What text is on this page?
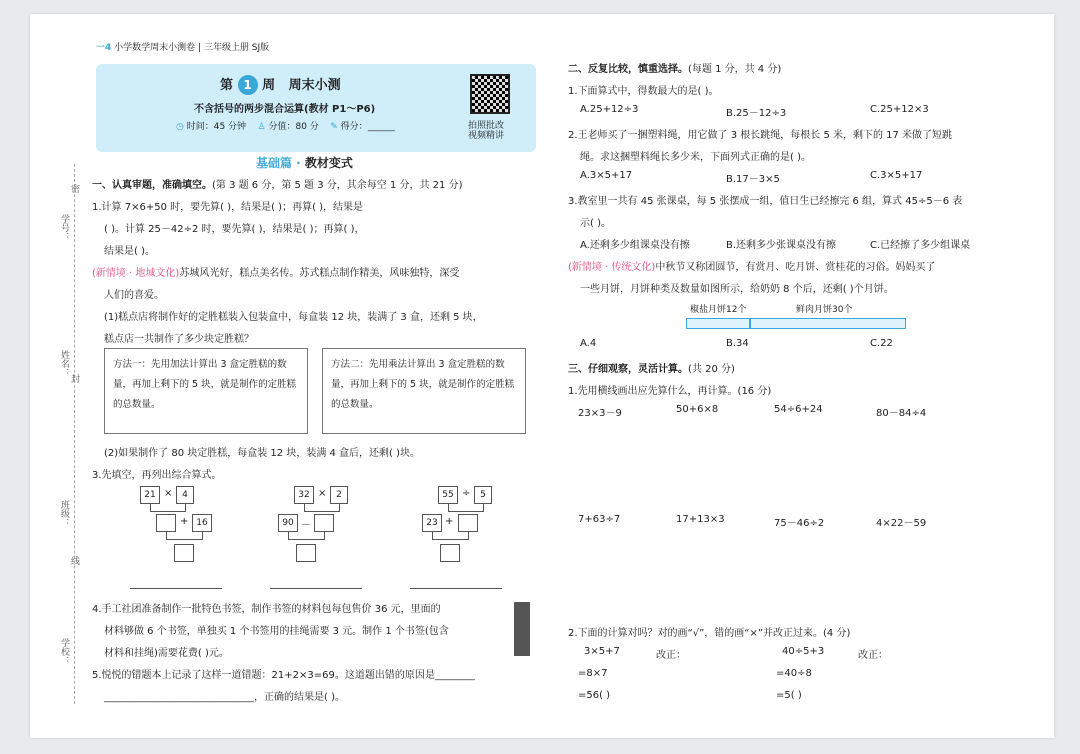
一4 小学数学周末小测卷 | 三年级上册 SJ版
第 1 周 周末小测
不含括号的两步混合运算(教材 P1～P6)
◷ 时间：45 分钟 ♙ 分值：80 分 ✎ 得分：______	拍照批改
视频精讲
基础篇 · 教材变式
学号：
姓名：
班级：
学校：
密
封
线
一、认真审题，准确填空。(第 3 题 6 分，第 5 题 3 分，其余每空 1 分，共 21 分)
1.计算 7×6+50 时，要先算( )，结果是( )；再算( )，结果是
( )。计算 25－42÷2 时，要先算( )，结果是( )；再算( )，
结果是( )。
(新情境 · 地域文化)苏城风光好，糕点美名传。苏式糕点制作精美，风味独特，深受
人们的喜爱。
(1)糕点店将制作好的定胜糕装入包装盒中，每盒装 12 块，装满了 3 盒，还剩 5 块，
糕点店一共制作了多少块定胜糕？
方法一：先用加法计算出 3 盒定胜糕的数量，再加上剩下的 5 块，就是制作的定胜糕的总数量。
方法二：先用乘法计算出 3 盒定胜糕的数量，再加上剩下的 5 块，就是制作的定胜糕的总数量。
(2)如果制作了 80 块定胜糕，每盒装 12 块，装满 4 盒后，还剩( )块。
3.先填空，再列出综合算式。
21 ×	4
+ 16
32 ×	2
90 －
55 ÷	5
23 +
4.手工社团准备制作一批特色书签，制作书签的材料包每包售价 36 元，里面的
材料够做 6 个书签，单独买 1 个书签用的挂绳需要 3 元。制作 1 个书签(包含
材料和挂绳)需要花费( )元。
5.悦悦的错题本上记录了这样一道错题：21+2×3=69。这道题出错的原因是________
______________________________，正确的结果是( )。
二、反复比较，慎重选择。(每题 1 分，共 4 分)
1.下面算式中，得数最大的是( )。
A.25+12÷3	B.25－12÷3	C.25+12×3
2.王老师买了一捆塑料绳，用它做了 3 根长跳绳，每根长 5 米，剩下的 17 米做了短跳
绳。求这捆塑料绳长多少米，下面列式正确的是( )。
A.3×5+17	B.17－3×5	C.3×5+17
3.教室里一共有 45 张课桌，每 5 张摆成一组，值日生已经擦完 6 组，算式 45÷5－6 表
示( )。
A.还剩多少组课桌没有擦	B.还剩多少张课桌没有擦	C.已经擦了多少组课桌
(新情境 · 传统文化)中秋节又称团圆节，有赏月、吃月饼、赏桂花的习俗。妈妈买了
一些月饼，月饼种类及数量如图所示，给奶奶 8 个后，还剩( )个月饼。
椒盐月饼12个	鲜肉月饼30个
A.4	B.34	C.22
三、仔细观察，灵活计算。(共 20 分)
1.先用横线画出应先算什么，再计算。(16 分)
23×3－9	50+6×8	54÷6+24	80－84÷4
7+63÷7	17+13×3	75－46÷2	4×22－59
2.下面的计算对吗？对的画“√”，错的画“×”并改正过来。(4 分)
3×5+7	改正：
=8×7
=56( )
40÷5+3	改正：
=40÷8
=5( )
